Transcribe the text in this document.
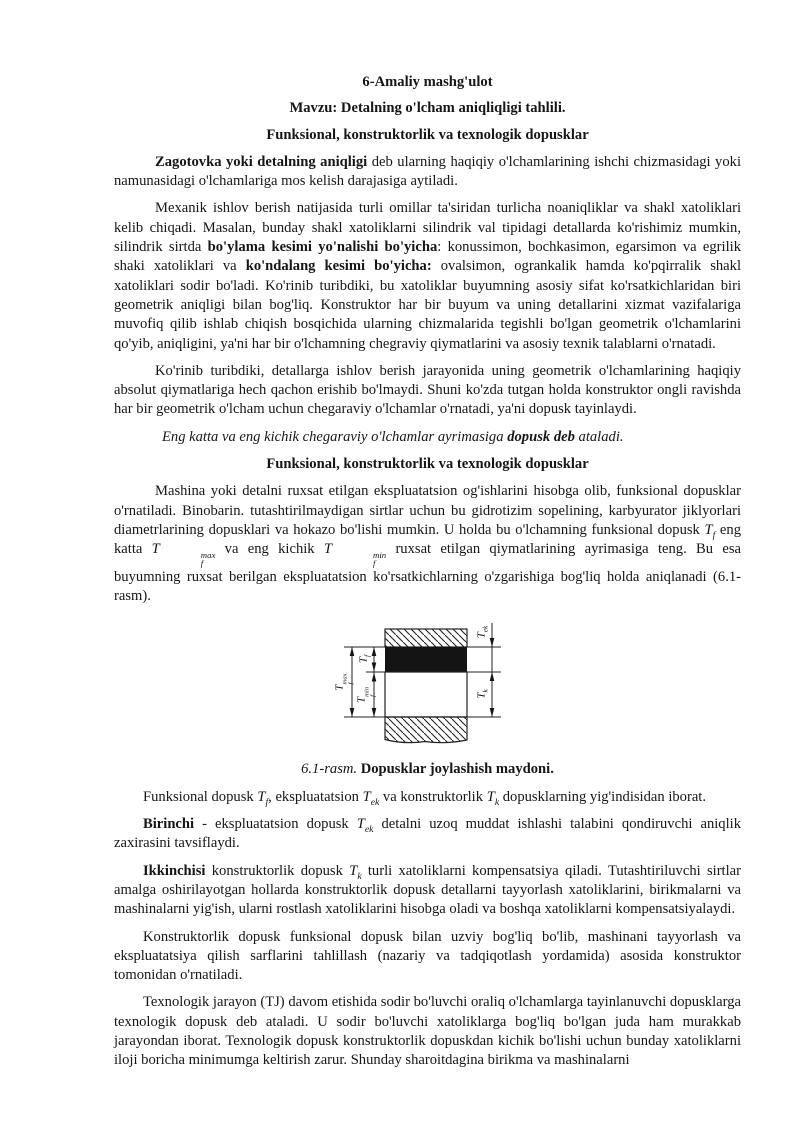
6-Amaliy mashg'ulot

Mavzu: Detalning o'lcham aniqliqligi tahlili.

Funksional, konstruktorlik va texnologik dopusklar

Zagotovka yoki detalning aniqligi deb ularning haqiqiy o'lchamlarining ishchi chizmasidagi yoki namunasidagi o'lchamlariga mos kelish darajasiga aytiladi.

Mexanik ishlov berish natijasida turli omillar ta'siridan turlicha noaniqliklar va shakl xatoliklari kelib chiqadi. Masalan, bunday shakl xatoliklarni silindrik val tipidagi detallarda ko'rishimiz mumkin, silindrik sirtda bo'ylama kesimi yo'nalishi bo'yicha: konussimon, bochkasimon, egarsimon va egrilik shaki xatoliklari va ko'ndalang kesimi bo'yicha: ovalsimon, ogrankalik hamda ko'pqirralik shakl xatoliklari sodir bo'ladi. Ko'rinib turibdiki, bu xatoliklar buyumning asosiy sifat ko'rsatkichlaridan biri geometrik aniqligi bilan bog'liq. Konstruktor har bir buyum va uning detallarini xizmat vazifalariga muvofiq qilib ishlab chiqish bosqichida ularning chizmalarida tegishli bo'lgan geometrik o'lchamlarini qo'yib, aniqligini, ya'ni har bir o'lchamning chegraviy qiymatlarini va asosiy texnik talablarni o'rnatadi.

Ko'rinib turibdiki, detallarga ishlov berish jarayonida uning geometrik o'lchamlarining haqiqiy absolut qiymatlariga hech qachon erishib bo'lmaydi. Shuni ko'zda tutgan holda konstruktor ongli ravishda har bir geometrik o'lcham uchun chegaraviy o'lchamlar o'rnatadi, ya'ni dopusk tayinlaydi.

Eng katta va eng kichik chegaraviy o'lchamlar ayrimasiga dopusk deb ataladi.

Funksional, konstruktorlik va texnologik dopusklar

Mashina yoki detalni ruxsat etilgan ekspluatatsion og'ishlarini hisobga olib, funksional dopusklar o'rnatiladi. Binobarin. tutashtirilmaydigan sirtlar uchun bu gidrotizim sopelining, karbyurator jiklyorlari diametrlarining dopusklari va hokazo bo'lishi mumkin. U holda bu o'lchamning funksional dopusk $T_f$ eng katta T	max
f
va eng kichik T	min
f
ruxsat etilgan qiymatlarining ayrimasiga teng. Bu esa buyumning ruxsat berilgan ekspluatatsion ko'rsatkichlarning o'zgarishiga bog'liq holda aniqlanadi (6.1-rasm).

T
max
f
$T_f$
T
min
f
$T_{ek}$
$T_k$

6.1-rasm. Dopusklar joylashish maydoni.

Funksional dopusk $T_f$, ekspluatatsion $T_{ek}$ va konstruktorlik $T_k$ dopusklarning yig'indisidan iborat.

Birinchi - ekspluatatsion dopusk $T_{ek}$ detalni uzoq muddat ishlashi talabini qondiruvchi aniqlik zaxirasini tavsiflaydi.

Ikkinchisi konstruktorlik dopusk $T_k$ turli xatoliklarni kompensatsiya qiladi. Tutashtiriluvchi sirtlar amalga oshirilayotgan hollarda konstruktorlik dopusk detallarni tayyorlash xatoliklarini, birikmalarni va mashinalarni yig'ish, ularni rostlash xatoliklarini hisobga oladi va boshqa xatoliklarni kompensatsiyalaydi.

Konstruktorlik dopusk funksional dopusk bilan uzviy bog'liq bo'lib, mashinani tayyorlash va ekspluatatsiya qilish sarflarini tahlillash (nazariy va tadqiqotlash yordamida) asosida konstruktor tomonidan o'rnatiladi.

Texnologik jarayon (TJ) davom etishida sodir bo'luvchi oraliq o'lchamlarga tayinlanuvchi dopusklarga texnologik dopusk deb ataladi. U sodir bo'luvchi xatoliklarga bog'liq bo'lgan juda ham murakkab jarayondan iborat. Texnologik dopusk konstruktorlik dopuskdan kichik bo'lishi uchun bunday xatoliklarni iloji boricha minimumga keltirish zarur. Shunday sharoitdagina birikma va mashinalarni
